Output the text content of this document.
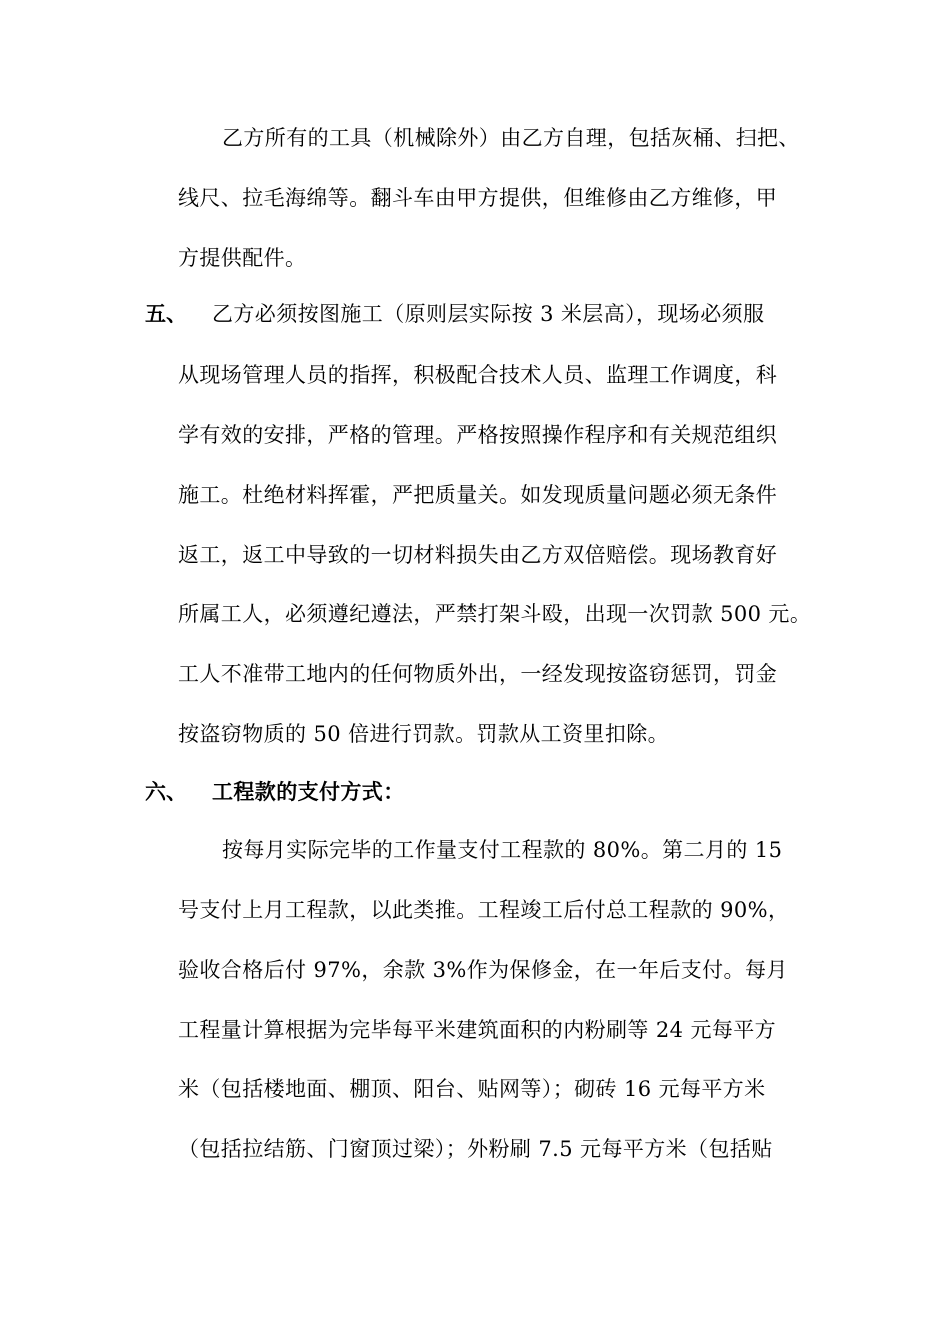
乙方所有的工具（机械除外）由乙方自理，包括灰桶、扫把、
线尺、拉毛海绵等。翻斗车由甲方提供，但维修由乙方维修，甲
方提供配件。
五、 乙方必须按图施工（原则层实际按 3 米层高），现场必须服
从现场管理人员的指挥，积极配合技术人员、监理工作调度，科
学有效的安排，严格的管理。严格按照操作程序和有关规范组织
施工。杜绝材料挥霍，严把质量关。如发现质量问题必须无条件
返工，返工中导致的一切材料损失由乙方双倍赔偿。现场教育好
所属工人，必须遵纪遵法，严禁打架斗殴，出现一次罚款 500 元。
工人不准带工地内的任何物质外出，一经发现按盗窃惩罚，罚金
按盗窃物质的 50 倍进行罚款。罚款从工资里扣除。
六、 工程款的支付方式：
按每月实际完毕的工作量支付工程款的 80%。第二月的 15
号支付上月工程款，以此类推。工程竣工后付总工程款的 90%，
验收合格后付 97%，余款 3%作为保修金，在一年后支付。每月
工程量计算根据为完毕每平米建筑面积的内粉刷等 24 元每平方
米（包括楼地面、棚顶、阳台、贴网等）；砌砖 16 元每平方米
（包括拉结筋、门窗顶过梁）；外粉刷 7.5 元每平方米（包括贴
